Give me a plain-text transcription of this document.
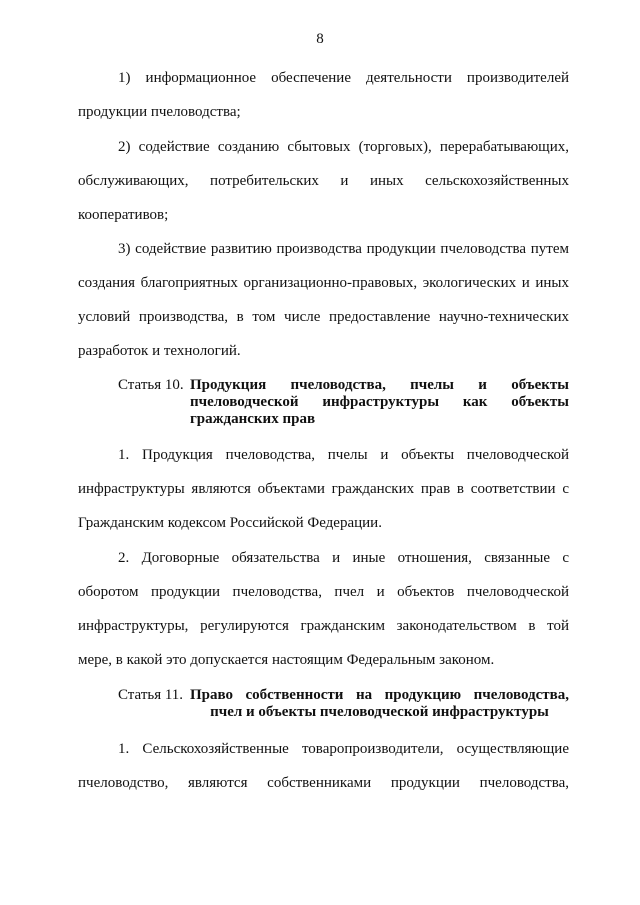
8
1) информационное обеспечение деятельности производителей
продукции пчеловодства;
2) содействие созданию сбытовых (торговых), перерабатывающих,
обслуживающих, потребительских и иных сельскохозяйственных
кооперативов;
3) содействие развитию производства продукции пчеловодства путем
создания благоприятных организационно-правовых, экологических и иных
условий производства, в том числе предоставление научно-технических
разработок и технологий.
Статья 10. Продукция пчеловодства, пчелы и объекты
пчеловодческой инфраструктуры как объекты
гражданских прав
1. Продукция пчеловодства, пчелы и объекты пчеловодческой
инфраструктуры являются объектами гражданских прав в соответствии с
Гражданским кодексом Российской Федерации.
2. Договорные обязательства и иные отношения, связанные с
оборотом продукции пчеловодства, пчел и объектов пчеловодческой
инфраструктуры, регулируются гражданским законодательством в той
мере, в какой это допускается настоящим Федеральным законом.
Статья 11. Право собственности на продукцию пчеловодства,
пчел и объекты пчеловодческой инфраструктуры
1. Сельскохозяйственные товаропроизводители, осуществляющие
пчеловодство, являются собственниками продукции пчеловодства,
